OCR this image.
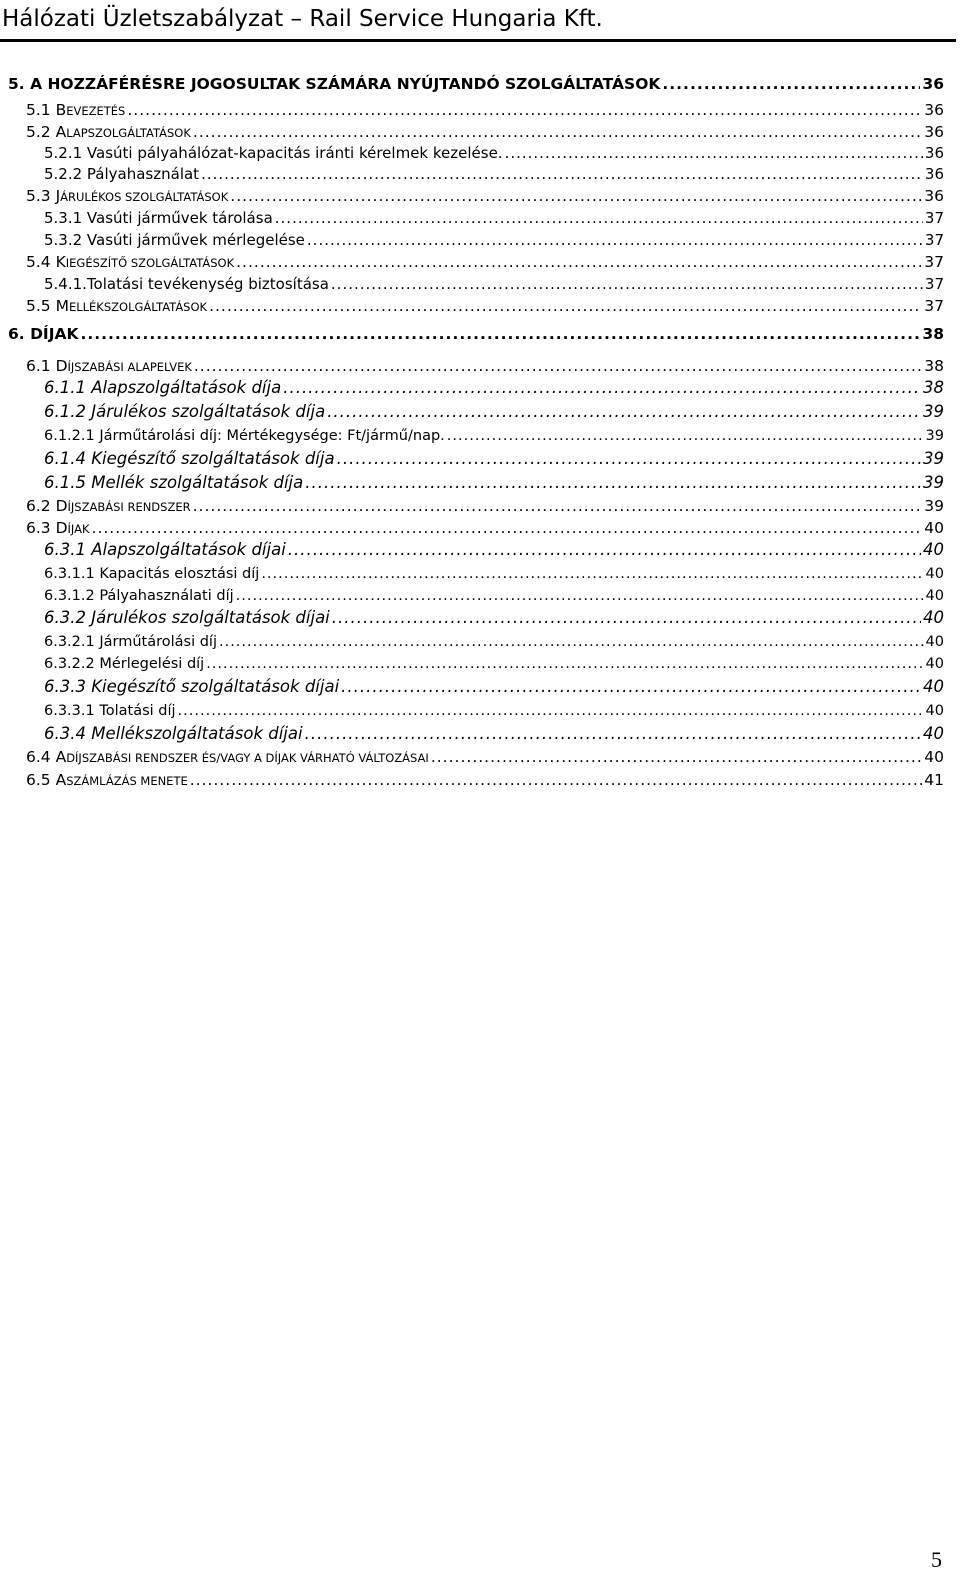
Hálózati Üzletszabályzat – Rail Service Hungaria Kft.
5. A HOZZÁFÉRÉSRE JOGOSULTAK SZÁMÁRA NYÚJTANDÓ SZOLGÁLTATÁSOK .....	36
5.1 BEVEZETÉS .....	36
5.2 ALAPSZOLGÁLTATÁSOK .....	36
5.2.1 Vasúti pályahálózat-kapacitás iránti kérelmek kezelése. .....	36
5.2.2 Pályahasználat .....	36
5.3 JÁRULÉKOS SZOLGÁLTATÁSOK .....	36
5.3.1 Vasúti járművek tárolása .....	37
5.3.2 Vasúti járművek mérlegelése .....	37
5.4 KIEGÉSZÍTŐ SZOLGÁLTATÁSOK .....	37
5.4.1.Tolatási tevékenység biztosítása .....	37
5.5 MELLÉKSZOLGÁLTATÁSOK .....	37
6. DÍJAK .....	38
6.1 DÍJSZABÁSI ALAPELVEK .....	38
6.1.1 Alapszolgáltatások díja .....	38
6.1.2 Járulékos szolgáltatások díja .....	39
6.1.2.1 Járműtárolási díj: Mértékegysége: Ft/jármű/nap. .....	39
6.1.4 Kiegészítő szolgáltatások díja .....	39
6.1.5 Mellék szolgáltatások díja .....	39
6.2 DÍJSZABÁSI RENDSZER .....	39
6.3 DÍJAK .....	40
6.3.1 Alapszolgáltatások díjai .....	40
6.3.1.1 Kapacitás elosztási díj .....	40
6.3.1.2 Pályahasználati díj .....	40
6.3.2 Járulékos szolgáltatások díjai .....	40
6.3.2.1 Járműtárolási díj .....	40
6.3.2.2 Mérlegelési díj .....	40
6.3.3 Kiegészítő szolgáltatások díjai .....	40
6.3.3.1 Tolatási díj .....	40
6.3.4 Mellékszolgáltatások díjai .....	40
6.4 ADÍJSZABÁSI RENDSZER ÉS/VAGY A DÍJAK VÁRHATÓ VÁLTOZÁSAI .....	40
6.5 ASZÁMLÁZÁS MENETE .....	41
5
